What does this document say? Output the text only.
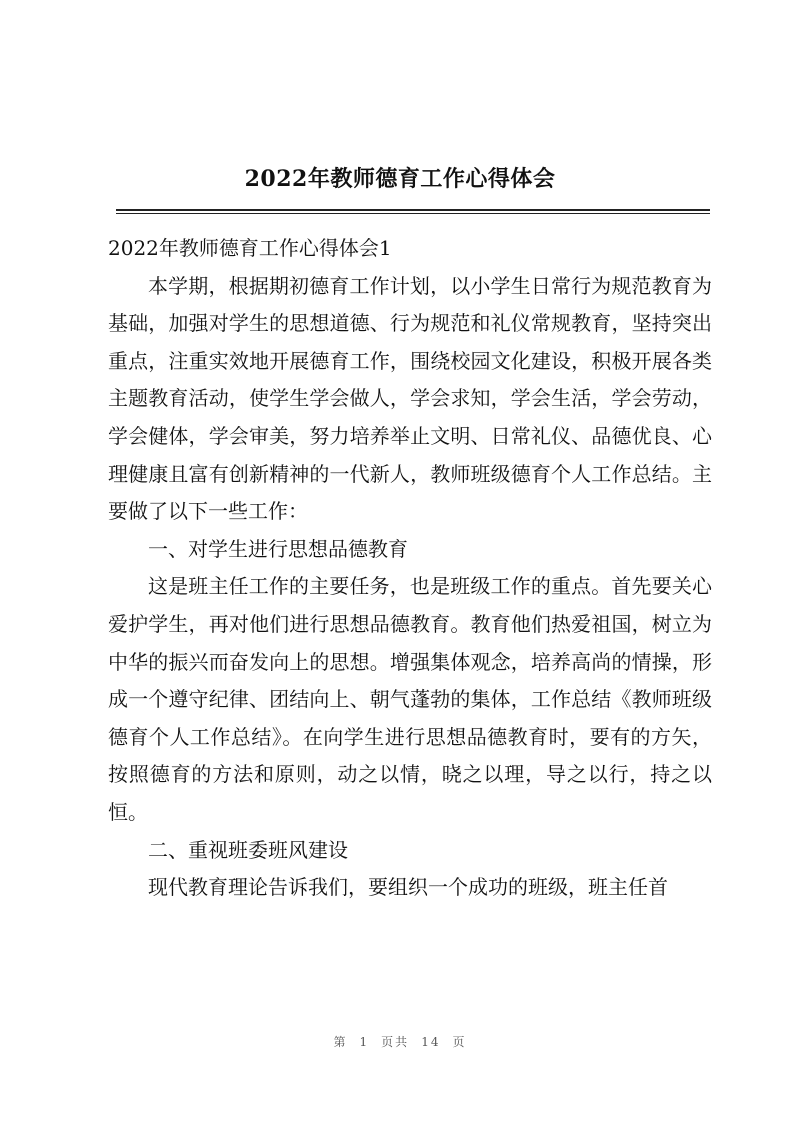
2022年教师德育工作心得体会

2022年教师德育工作心得体会1

本学期，根据期初德育工作计划，以小学生日常行为规范教育为基础，加强对学生的思想道德、行为规范和礼仪常规教育，坚持突出重点，注重实效地开展德育工作，围绕校园文化建设，积极开展各类主题教育活动，使学生学会做人，学会求知，学会生活，学会劳动，学会健体，学会审美，努力培养举止文明、日常礼仪、品德优良、心理健康且富有创新精神的一代新人，教师班级德育个人工作总结。主要做了以下一些工作：

一、对学生进行思想品德教育

这是班主任工作的主要任务，也是班级工作的重点。首先要关心爱护学生，再对他们进行思想品德教育。教育他们热爱祖国，树立为中华的振兴而奋发向上的思想。增强集体观念，培养高尚的情操，形成一个遵守纪律、团结向上、朝气蓬勃的集体，工作总结《教师班级德育个人工作总结》。在向学生进行思想品德教育时，要有的方矢，按照德育的方法和原则，动之以情，晓之以理，导之以行，持之以恒。

二、重视班委班风建设

现代教育理论告诉我们，要组织一个成功的班级，班主任首

第 1 页共 14 页
